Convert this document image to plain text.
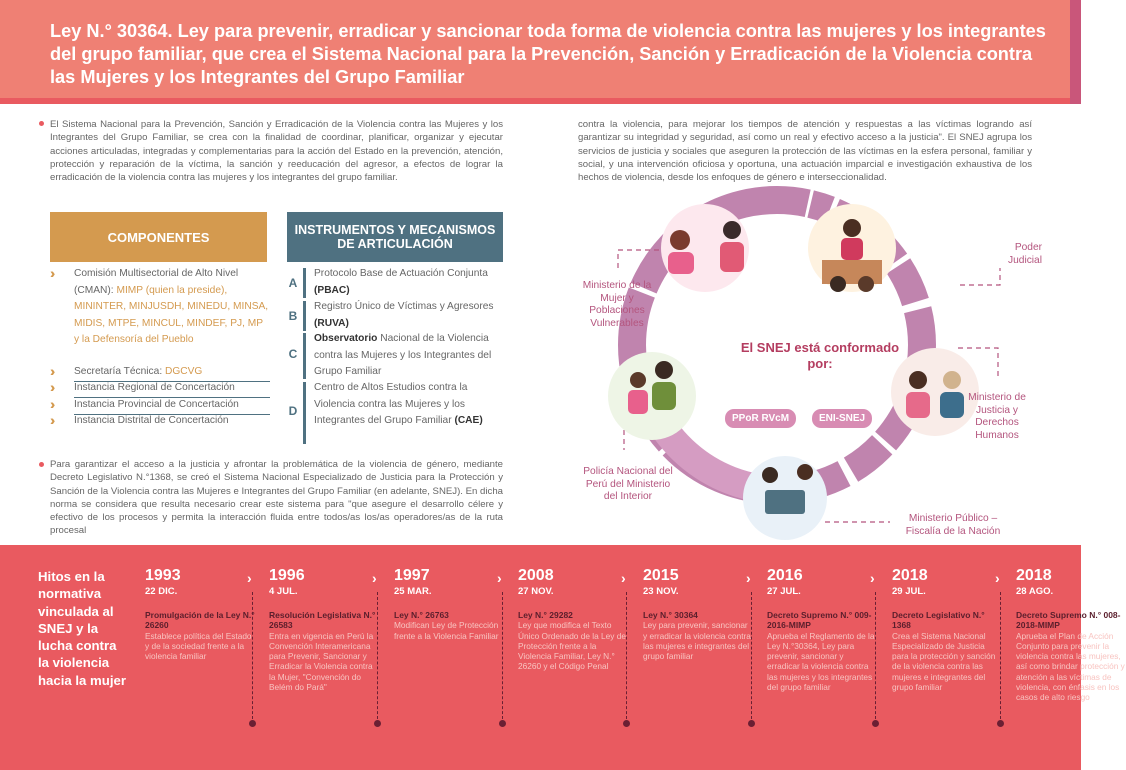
Ley N.° 30364. Ley para prevenir, erradicar y sancionar toda forma de violencia contra las mujeres y los integrantes del grupo familiar, que crea el Sistema Nacional para la Prevención, Sanción y Erradicación de la Violencia contra las Mujeres y los Integrantes del Grupo Familiar

El Sistema Nacional para la Prevención, Sanción y Erradicación de la Violencia contra las Mujeres y los Integrantes del Grupo Familiar, se crea con la finalidad de coordinar, planificar, organizar y ejecutar acciones articuladas, integradas y complementarias para la acción del Estado en la prevención, atención, protección y reparación de la víctima, la sanción y reeducación del agresor, a efectos de lograr la erradicación de la violencia contra las mujeres y los integrantes del grupo familiar.

COMPONENTES	INSTRUMENTOS Y MECANISMOS DE ARTICULACIÓN
›› Comisión Multisectorial de Alto Nivel (CMAN): MIMP (quien la preside), MININTER, MINJUSDH, MINEDU, MINSA, MIDIS, MTPE, MINCUL, MINDEF, PJ, MP y la Defensoría del Pueblo
›› Secretaría Técnica: DGCVG
›› Instancia Regional de Concertación
›› Instancia Provincial de Concertación
›› Instancia Distrital de Concertación
A
Protocolo Base de Actuación Conjunta (PBAC)
B
Registro Único de Víctimas y Agresores (RUVA)
C
Observatorio Nacional de la Violencia contra las Mujeres y los Integrantes del Grupo Familiar
D
Centro de Altos Estudios contra la Violencia contra las Mujeres y los Integrantes del Grupo Familiar (CAE)

Para garantizar el acceso a la justicia y afrontar la problemática de la violencia de género, mediante Decreto Legislativo N.°1368, se creó el Sistema Nacional Especializado de Justicia para la Protección y Sanción de la Violencia contra las Mujeres e Integrantes del Grupo Familiar (en adelante, SNEJ). En dicha norma se considera que resulta necesario crear este sistema para "que asegure el desarrollo célere y efectivo de los procesos y permita la interacción fluida entre todos/as los/as operadores/as de la ruta procesal

contra la violencia, para mejorar los tiempos de atención y respuestas a las víctimas logrando así garantizar su integridad y seguridad, así como un real y efectivo acceso a la justicia". El SNEJ agrupa los servicios de justicia y sociales que aseguren la protección de las víctimas en la esfera personal, familiar y social, y una intervención oficiosa y oportuna, una actuación imparcial e investigación exhaustiva de los hechos de violencia, desde los enfoques de género e interseccionalidad.

El SNEJ está conformado por:
PPoR RVcM	ENI-SNEJ
Ministerio de la Mujer y Poblaciones Vulnerables
Poder Judicial
Ministerio de Justicia y Derechos Humanos
Ministerio Público – Fiscalía de la Nación
Policía Nacional del Perú del Ministerio del Interior
Hitos en la normativa vinculada al SNEJ y la lucha contra la violencia hacia la mujer
1993
22 DIC.
Promulgación de la Ley N.° 26260
Establece política del Estado y de la sociedad frente a la violencia familiar
1996
4 JUL.
Resolución Legislativa N.° 26583
Entra en vigencia en Perú la Convención Interamericana para Prevenir, Sancionar y Erradicar la Violencia contra la Mujer, "Convención do Belém do Pará"
1997
25 MAR.
Ley N.° 26763
Modifican Ley de Protección frente a la Violencia Familiar
2008
27 NOV.
Ley N.° 29282
Ley que modifica el Texto Único Ordenado de la Ley de Protección frente a la Violencia Familiar, Ley N.° 26260 y el Código Penal
2015
23 NOV.
Ley N.° 30364
Ley para prevenir, sancionar y erradicar la violencia contra las mujeres e integrantes del grupo familiar
2016
27 JUL.
Decreto Supremo N.° 009-2016-MIMP
Aprueba el Reglamento de la Ley N.°30364, Ley para prevenir, sancionar y erradicar la violencia contra las mujeres y los integrantes del grupo familiar
2018
29 JUL.
Decreto Legislativo N.° 1368
Crea el Sistema Nacional Especializado de Justicia para la protección y sanción de la violencia contra las mujeres e integrantes del grupo familiar
2018
28 AGO.
Decreto Supremo N.° 008-2018-MIMP
Aprueba el Plan de Acción Conjunto para prevenir la violencia contra las mujeres, así como brindar protección y atención a las víctimas de violencia, con énfasis en los casos de alto riesgo
›	›	›	›	›	›	›
